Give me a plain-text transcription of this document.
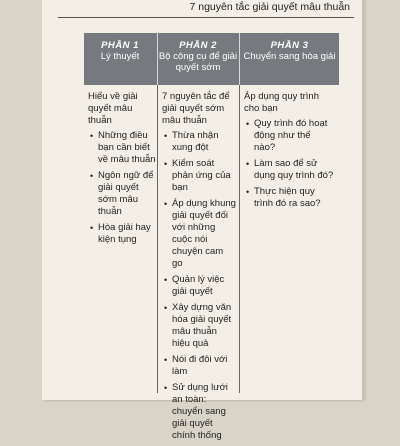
7 nguyên tắc giải quyết mâu thuẫn
PHẦN 1
Lý thuyết
PHẦN 2
Bộ công cụ để giải quyết sớm
PHẦN 3
Chuyển sang hòa giải

Hiểu về giải quyết mâu thuẫn

• Những điều bạn cần biết về mâu thuẫn
• Ngôn ngữ để giải quyết sớm mâu thuẫn
• Hòa giải hay kiện tụng

7 nguyên tắc để giải quyết sớm mâu thuẫn

• Thừa nhận xung đột
• Kiểm soát phản ứng của bạn
• Áp dụng khung giải quyết đối với những cuộc nói chuyện cam go
• Quản lý việc giải quyết
• Xây dựng văn hóa giải quyết mâu thuẫn hiệu quả
• Nói đi đôi với làm
• Sử dụng lưới an toàn: chuyển sang giải quyết chính thống

Áp dụng quy trình cho bạn

• Quy trình đó hoạt động như thế nào?
• Làm sao để sử dụng quy trình đó?
• Thực hiện quy trình đó ra sao?
